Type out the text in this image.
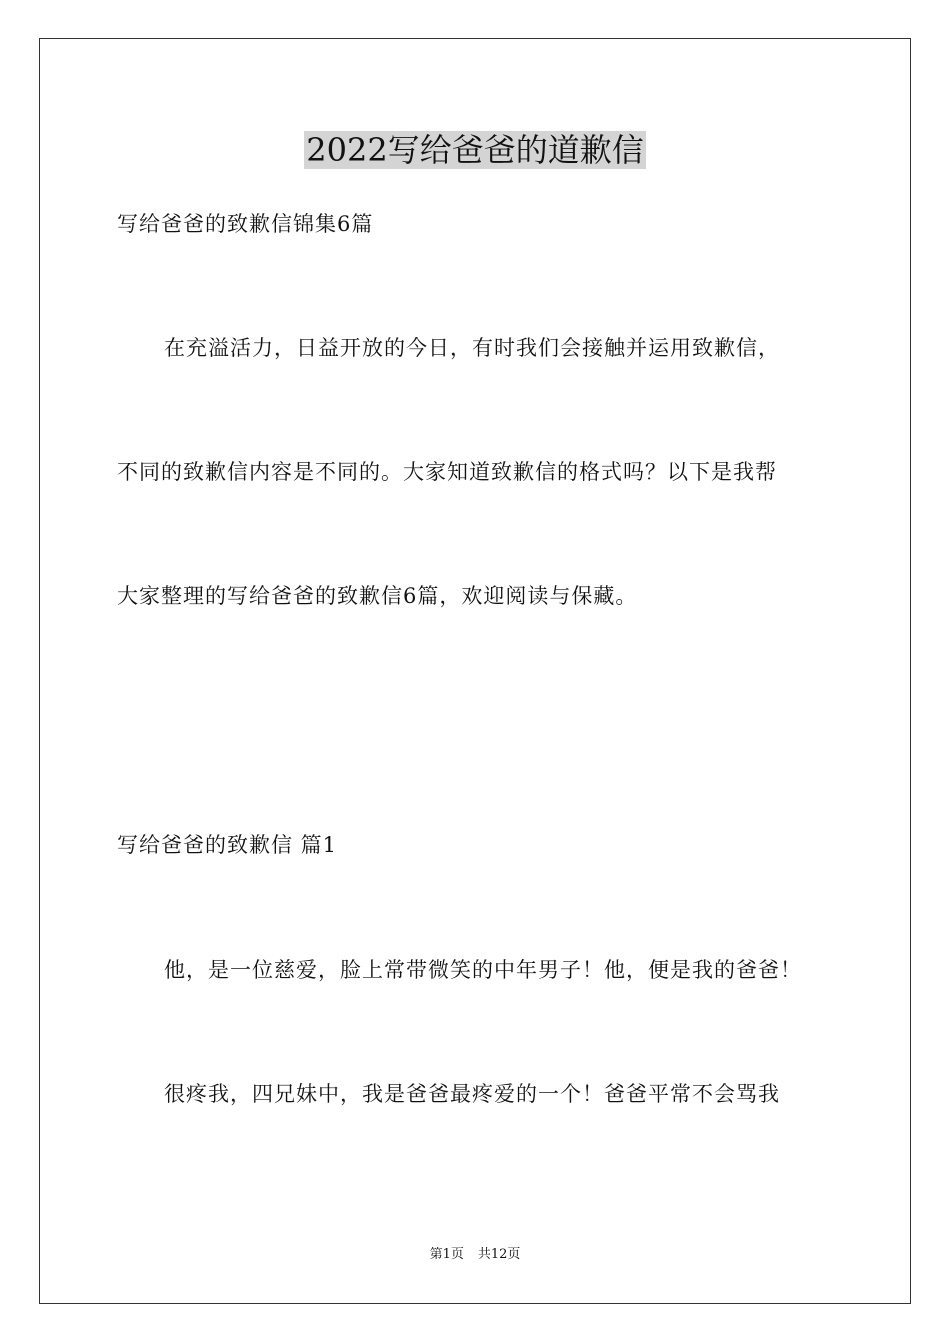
2022写给爸爸的道歉信
写给爸爸的致歉信锦集6篇
在充溢活力，日益开放的今日，有时我们会接触并运用致歉信，
不同的致歉信内容是不同的。大家知道致歉信的格式吗？以下是我帮
大家整理的写给爸爸的致歉信6篇，欢迎阅读与保藏。
写给爸爸的致歉信 篇1
他，是一位慈爱，脸上常带微笑的中年男子！他，便是我的爸爸！
很疼我，四兄妹中，我是爸爸最疼爱的一个！爸爸平常不会骂我
第1页 共12页
